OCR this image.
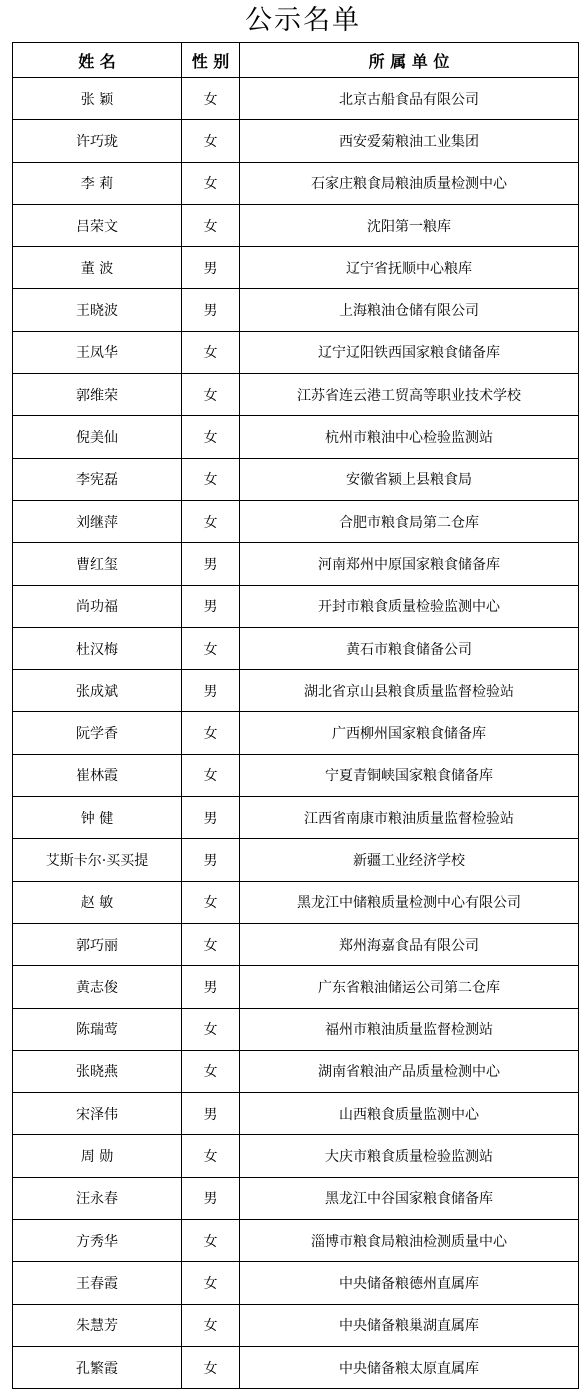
公示名单
姓 名	性 别	所 属 单 位
张 颖	女	北京古船食品有限公司
许巧珑	女	西安爱菊粮油工业集团
李 莉	女	石家庄粮食局粮油质量检测中心
吕荣文	女	沈阳第一粮库
董 波	男	辽宁省抚顺中心粮库
王晓波	男	上海粮油仓储有限公司
王凤华	女	辽宁辽阳铁西国家粮食储备库
郭维荣	女	江苏省连云港工贸高等职业技术学校
倪美仙	女	杭州市粮油中心检验监测站
李宪磊	女	安徽省颍上县粮食局
刘继萍	女	合肥市粮食局第二仓库
曹红玺	男	河南郑州中原国家粮食储备库
尚功福	男	开封市粮食质量检验监测中心
杜汉梅	女	黄石市粮食储备公司
张成斌	男	湖北省京山县粮食质量监督检验站
阮学香	女	广西柳州国家粮食储备库
崔林霞	女	宁夏青铜峡国家粮食储备库
钟 健	男	江西省南康市粮油质量监督检验站
艾斯卡尔·买买提	男	新疆工业经济学校
赵 敏	女	黑龙江中储粮质量检测中心有限公司
郭巧丽	女	郑州海嘉食品有限公司
黄志俊	男	广东省粮油储运公司第二仓库
陈瑞莺	女	福州市粮油质量监督检测站
张晓燕	女	湖南省粮油产品质量检测中心
宋泽伟	男	山西粮食质量监测中心
周 勋	女	大庆市粮食质量检验监测站
汪永春	男	黑龙江中谷国家粮食储备库
方秀华	女	淄博市粮食局粮油检测质量中心
王春霞	女	中央储备粮德州直属库
朱慧芳	女	中央储备粮巢湖直属库
孔繁霞	女	中央储备粮太原直属库
